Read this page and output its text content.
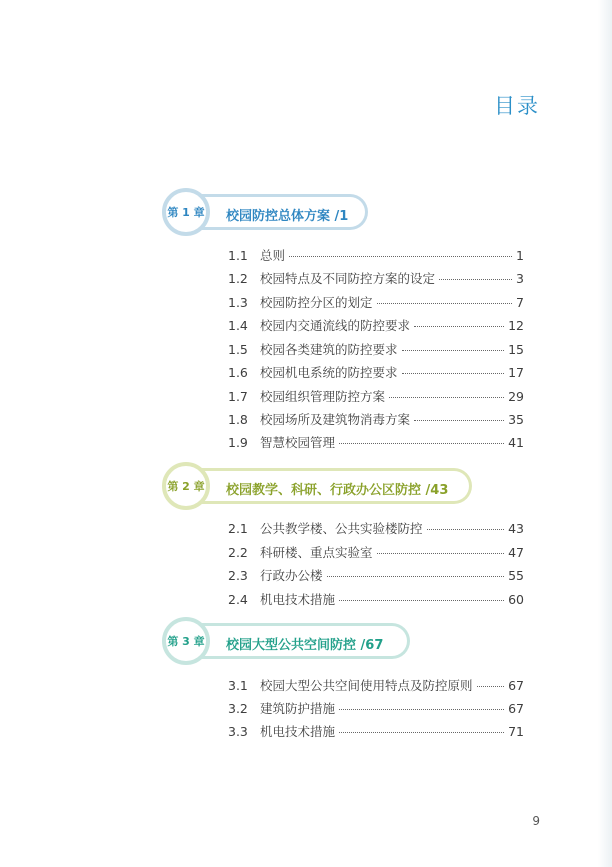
目录
校园防控总体方案 /1
第 1 章
1.1 总则	1
1.2 校园特点及不同防控方案的设定	3
1.3 校园防控分区的划定	7
1.4 校园内交通流线的防控要求	12
1.5 校园各类建筑的防控要求	15
1.6 校园机电系统的防控要求	17
1.7 校园组织管理防控方案	29
1.8 校园场所及建筑物消毒方案	35
1.9 智慧校园管理	41
校园教学、科研、行政办公区防控 /43
第 2 章
2.1 公共教学楼、公共实验楼防控	43
2.2 科研楼、重点实验室	47
2.3 行政办公楼	55
2.4 机电技术措施	60
校园大型公共空间防控 /67
第 3 章
3.1 校园大型公共空间使用特点及防控原则	67
3.2 建筑防护措施	67
3.3 机电技术措施	71
9
